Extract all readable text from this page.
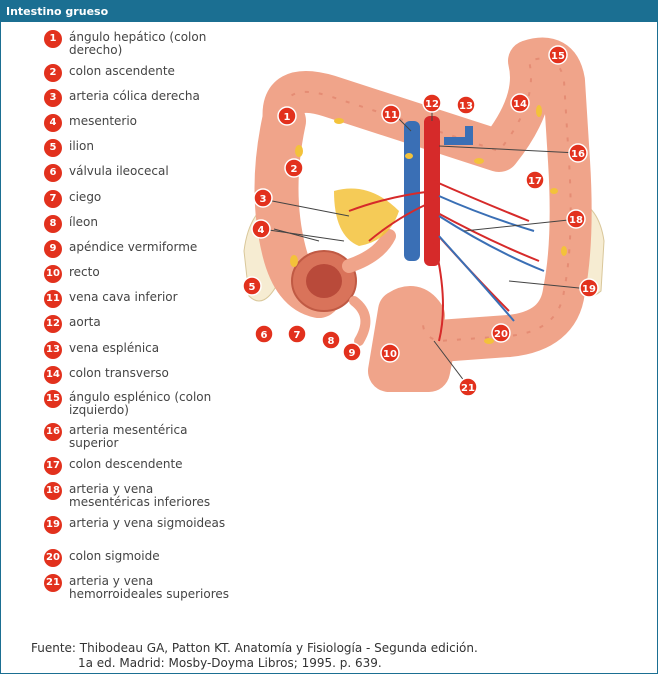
Intestino grueso
1	ángulo hepático (colon derecho)
2	colon ascendente
3	arteria cólica derecha
4	mesenterio
5	ilion
6	válvula ileocecal
7	ciego
8	íleon
9	apéndice vermiforme
10 recto
11 vena cava inferior
12 aorta
13 vena esplénica
14 colon transverso
15 ángulo esplénico (colon izquierdo)
16 arteria mesentérica superior
17 colon descendente
18 arteria y vena mesentéricas inferiores
19 arteria y vena sigmoideas
20 colon sigmoide
21 arteria y vena hemorroideales superiores
1
2
3
4
5
6	7
8
9	10
11
12 13	14
15
16
17
18
19
20
21
Fuente: Thibodeau GA, Patton KT. Anatomía y Fisiología - Segunda edición.
1a ed. Madrid: Mosby-Doyma Libros; 1995. p. 639.
